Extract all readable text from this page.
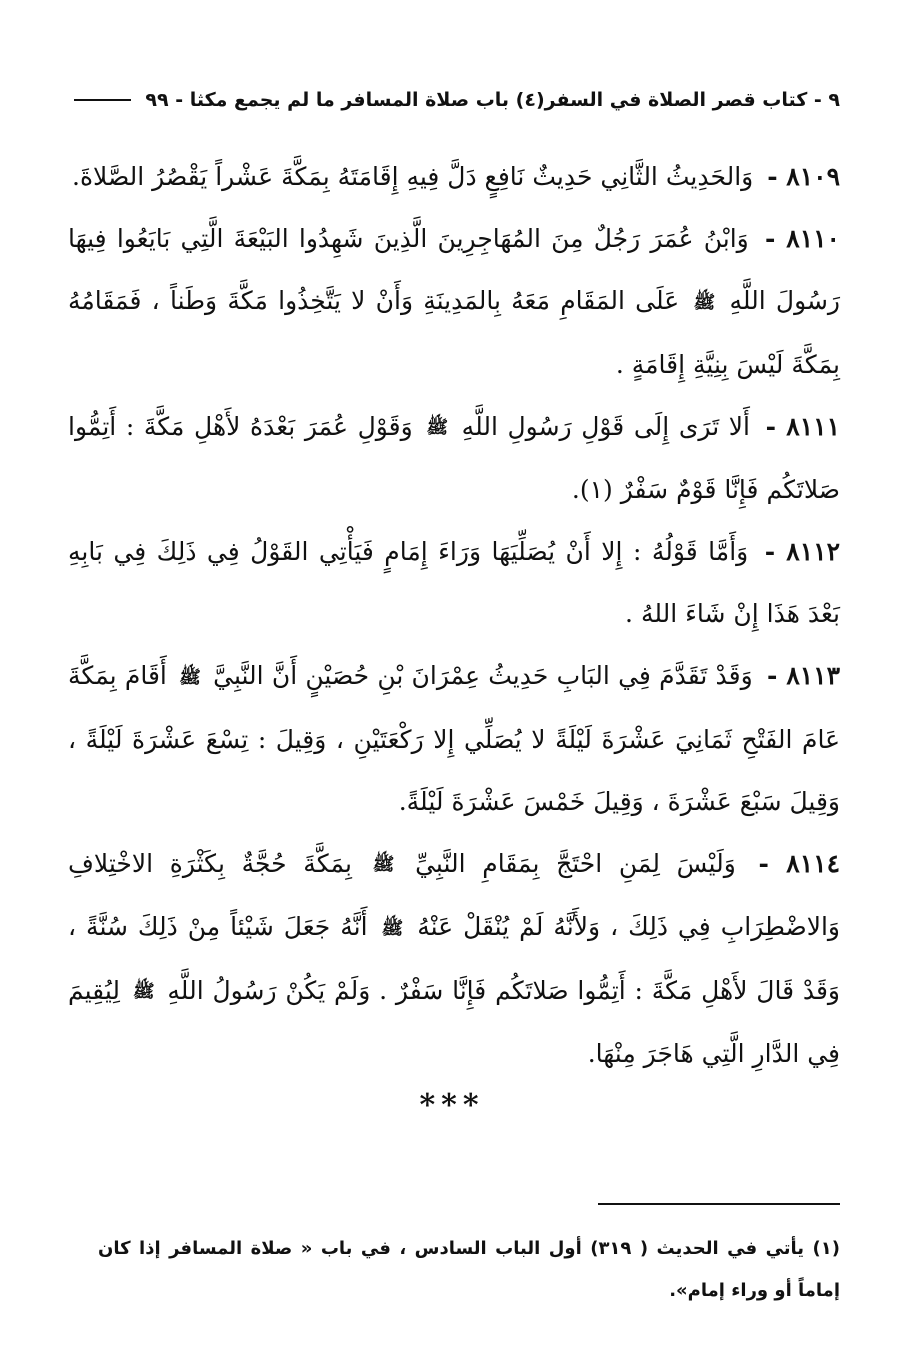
٩ - كتاب قصر الصلاة في السفر(٤) باب صلاة المسافر ما لم يجمع مكثا - ٩٩

٨١٠٩ - وَالحَدِيثُ الثَّانِي حَدِيثٌ نَافِعٍ دَلَّ فِيهِ إِقَامَتَهُ بِمَكَّةَ عَشْراً يَقْصُرُ الصَّلاةَ.

٨١١٠ - وَابْنُ عُمَرَ رَجُلٌ مِنَ المُهَاجِرِينَ الَّذِينَ شَهِدُوا البَيْعَةَ الَّتِي بَايَعُوا فِيهَا رَسُولَ اللَّهِ ﷺ عَلَى المَقَامِ مَعَهُ بِالمَدِينَةِ وَأَنْ لا يَتَّخِذُوا مَكَّةَ وَطَناً ، فَمَقَامُهُ بِمَكَّةَ لَيْسَ بِنِيَّةِ إِقَامَةٍ .

٨١١١ - أَلا تَرَى إِلَى قَوْلِ رَسُولِ اللَّهِ ﷺ وَقَوْلِ عُمَرَ بَعْدَهُ لأَهْلِ مَكَّةَ : أَتِمُّوا صَلاتَكُم فَإِنَّا قَوْمٌ سَفْرٌ (١).

٨١١٢ - وَأَمَّا قَوْلُهُ : إِلا أَنْ يُصَلِّيَهَا وَرَاءَ إِمَامٍ فَيَأْتِي القَوْلُ فِي ذَلِكَ فِي بَابِهِ بَعْدَ هَذَا إِنْ شَاءَ اللهُ .

٨١١٣ - وَقَدْ تَقَدَّمَ فِي البَابِ حَدِيثُ عِمْرَانَ بْنِ حُصَيْنٍ أَنَّ النَّبِيَّ ﷺ أَقَامَ بِمَكَّةَ عَامَ الفَتْحِ ثَمَانِيَ عَشْرَةَ لَيْلَةً لا يُصَلِّي إِلا رَكْعَتَيْنِ ، وَقِيلَ : تِسْعَ عَشْرَةَ لَيْلَةً ، وَقِيلَ سَبْعَ عَشْرَةَ ، وَقِيلَ خَمْسَ عَشْرَةَ لَيْلَةً.

٨١١٤ - وَلَيْسَ لِمَنِ احْتَجَّ بِمَقَامِ النَّبِيِّ ﷺ بِمَكَّةَ حُجَّةٌ بِكَثْرَةِ الاخْتِلافِ وَالاضْطِرَابِ فِي ذَلِكَ ، وَلأَنَّهُ لَمْ يُنْقَلْ عَنْهُ ﷺ أَنَّهُ جَعَلَ شَيْئاً مِنْ ذَلِكَ سُنَّةً ، وَقَدْ قَالَ لأَهْلِ مَكَّةَ : أَتِمُّوا صَلاتَكُم فَإِنَّا سَفْرٌ . وَلَمْ يَكُنْ رَسُولُ اللَّهِ ﷺ لِيُقِيمَ فِي الدَّارِ الَّتِي هَاجَرَ مِنْهَا.

***
(١) يأتي في الحديث ( ٣١٩) أول الباب السادس ، في باب « صلاة المسافر إذا كان إماماً أو وراء إمام».
